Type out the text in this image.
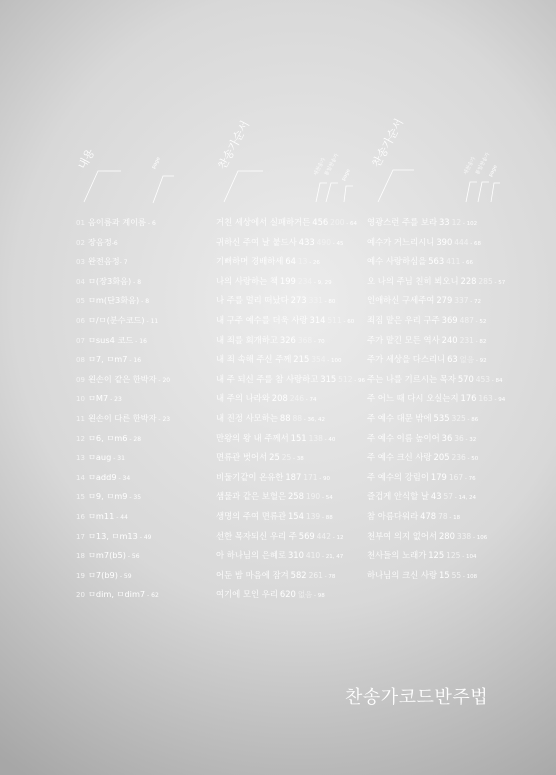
내용	page	찬송가순서	새찬송가
통일찬송가 page
찬송가순서	새찬송가
통일찬송가
page
01 음이름과 계이름 - 6
02 장음정-6
03 완전음정- 7
04 ㅁ(장3화음) - 8
05 ㅁm(단3화음) - 8
06 ㅁ/ㅁ(분수코드) - 11
07 ㅁsus4 코드 - 16
08 ㅁ7, ㅁm7 - 16
09 왼손이 같은 한박자 - 20
10 ㅁM7 - 23
11 왼손이 다른 한박자 - 23
12 ㅁ6, ㅁm6 - 28
13 ㅁaug - 31
14 ㅁadd9 - 34
15 ㅁ9, ㅁm9 - 35
16 ㅁm11 - 44
17 ㅁ13, ㅁm13 - 49
18 ㅁm7(b5) - 56
19 ㅁ7(b9) - 59
20 ㅁdim, ㅁdim7 - 62
거친 세상에서 실패하거든 456 200 - 64
귀하신 주여 날 붙드사 433 490 - 45
기뻐하며 경배하세 64 13 - 26
나의 사랑하는 책 199 234 - 9, 29
나 주를 멀리 떠났다 273 331 - 80
내 구주 예수를 더욱 사랑 314 511 - 60
내 죄를 회개하고 326 368 - 70
내 죄 속해 주신 주께 215 354 - 100
내 주 되신 주를 참 사랑하고 315 512 - 96
내 주의 나라와 208 246 - 74
내 진정 사모하는 88 88 - 36, 42
만왕의 왕 내 주께서 151 138 - 40
면류관 벗어서 25 25 - 38
비둘기같이 온유한 187 171 - 90
샘물과 같은 보혈은 258 190 - 54
생명의 주여 면류관 154 139 - 88
선한 목자되신 우리 주 569 442 - 12
아 하나님의 은혜로 310 410 - 21, 47
어둔 밤 마음에 잠겨 582 261 - 78
여기에 모인 우리 620 없음 - 98
영광스런 주를 보라 33 12 - 102
예수가 거느리시니 390 444 - 68
예수 사랑하심을 563 411 - 66
오 나의 주님 친히 뵈오니 228 285 - 57
인애하신 구세주여 279 337 - 72
죄짐 맡은 우리 구주 369 487 - 52
주가 맡긴 모든 역사 240 231 - 82
주가 세상을 다스리니 63 없음 - 92
주는 나를 기르시는 목자 570 453 - 84
주 어느 때 다시 오실는지 176 163 - 94
주 예수 대문 밖에 535 325 - 86
주 예수 이름 높이어 36 36 - 32
주 예수 크신 사랑 205 236 - 50
주 예수의 강림이 179 167 - 76
즐겁게 안식할 날 43 57 - 14, 24
참 아름다워라 478 78 - 18
천부여 의지 없어서 280 338 - 106
천사들의 노래가 125 125 - 104
하나님의 크신 사랑 15 55 - 108
찬송가코드반주법
